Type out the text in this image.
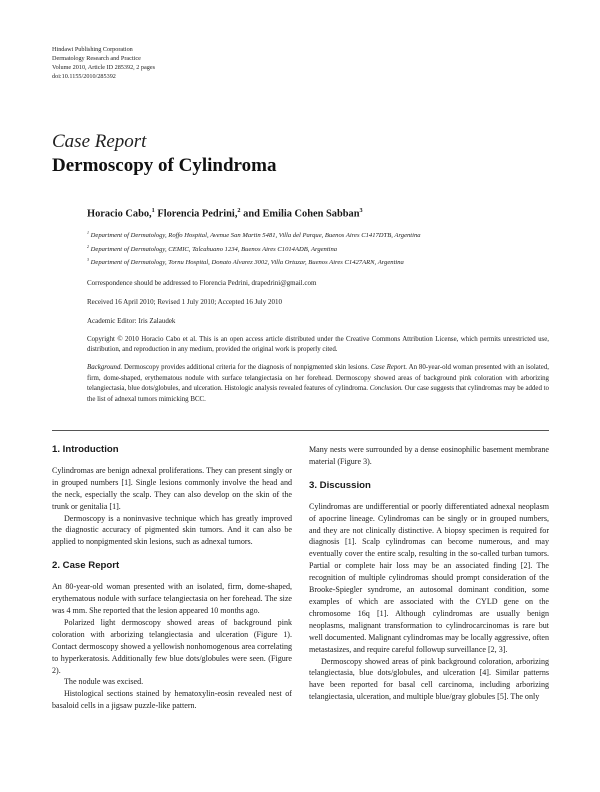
Hindawi Publishing Corporation
Dermatology Research and Practice
Volume 2010, Article ID 285392, 2 pages
doi:10.1155/2010/285392
Case Report
Dermoscopy of Cylindroma
Horacio Cabo,$^1$ Florencia Pedrini,$^2$ and Emilia Cohen Sabban$^3$
$^1$ Department of Dermatology, Roffo Hospital, Avenue San Martin 5481, Villa del Parque, Buenos Aires C1417DTB, Argentina
$^2$ Department of Dermatology, CEMIC, Talcahuano 1234, Buenos Aires C1014ADB, Argentina
$^3$ Department of Dermatology, Tornu Hospital, Donato Alvarez 3002, Villa Ortuzar, Buenos Aires C1427ARN, Argentina
Correspondence should be addressed to Florencia Pedrini, drapedrini@gmail.com
Received 16 April 2010; Revised 1 July 2010; Accepted 16 July 2010
Academic Editor: Iris Zalaudek
Copyright © 2010 Horacio Cabo et al. This is an open access article distributed under the Creative Commons Attribution License, which permits unrestricted use, distribution, and reproduction in any medium, provided the original work is properly cited.
Background. Dermoscopy provides additional criteria for the diagnosis of nonpigmented skin lesions. Case Report. An 80-year-old woman presented with an isolated, firm, dome-shaped, erythematous nodule with surface telangiectasia on her forehead. Dermoscopy showed areas of background pink coloration with arborizing telangiectasia, blue dots/globules, and ulceration. Histologic analysis revealed features of cylindroma. Conclusion. Our case suggests that cylindromas may be added to the list of adnexal tumors mimicking BCC.
1. Introduction

Cylindromas are benign adnexal proliferations. They can present singly or in grouped numbers [1]. Single lesions commonly involve the head and the neck, especially the scalp. They can also develop on the skin of the trunk or genitalia [1].

Dermoscopy is a noninvasive technique which has greatly improved the diagnostic accuracy of pigmented skin tumors. And it can also be applied to nonpigmented skin lesions, such as adnexal tumors.

2. Case Report

An 80-year-old woman presented with an isolated, firm, dome-shaped, erythematous nodule with surface telangiectasia on her forehead. The size was 4 mm. She reported that the lesion appeared 10 months ago.

Polarized light dermoscopy showed areas of background pink coloration with arborizing telangiectasia and ulceration (Figure 1). Contact dermoscopy showed a yellowish nonhomogenous area correlating to hyperkeratosis. Additionally few blue dots/globules were seen. (Figure 2).

The nodule was excised.

Histological sections stained by hematoxylin-eosin revealed nest of basaloid cells in a jigsaw puzzle-like pattern.

Many nests were surrounded by a dense eosinophilic basement membrane material (Figure 3).

3. Discussion

Cylindromas are undifferential or poorly differentiated adnexal neoplasm of apocrine lineage. Cylindromas can be singly or in grouped numbers, and they are not clinically distinctive. A biopsy specimen is required for diagnosis [1]. Scalp cylindromas can become numerous, and may eventually cover the entire scalp, resulting in the so-called turban tumors. Partial or complete hair loss may be an associated finding [2]. The recognition of multiple cylindromas should prompt consideration of the Brooke-Spiegler syndrome, an autosomal dominant condition, some examples of which are associated with the CYLD gene on the chromosome 16q [1]. Although cylindromas are usually benign neoplasms, malignant transformation to cylindrocarcinomas is rare but well documented. Malignant cylindromas may be locally aggressive, often metastasizes, and require careful followup surveillance [2, 3].

Dermoscopy showed areas of pink background coloration, arborizing telangiectasia, blue dots/globules, and ulceration [4]. Similar patterns have been reported for basal cell carcinoma, including arborizing telangiectasia, ulceration, and multiple blue/gray globules [5]. The only
